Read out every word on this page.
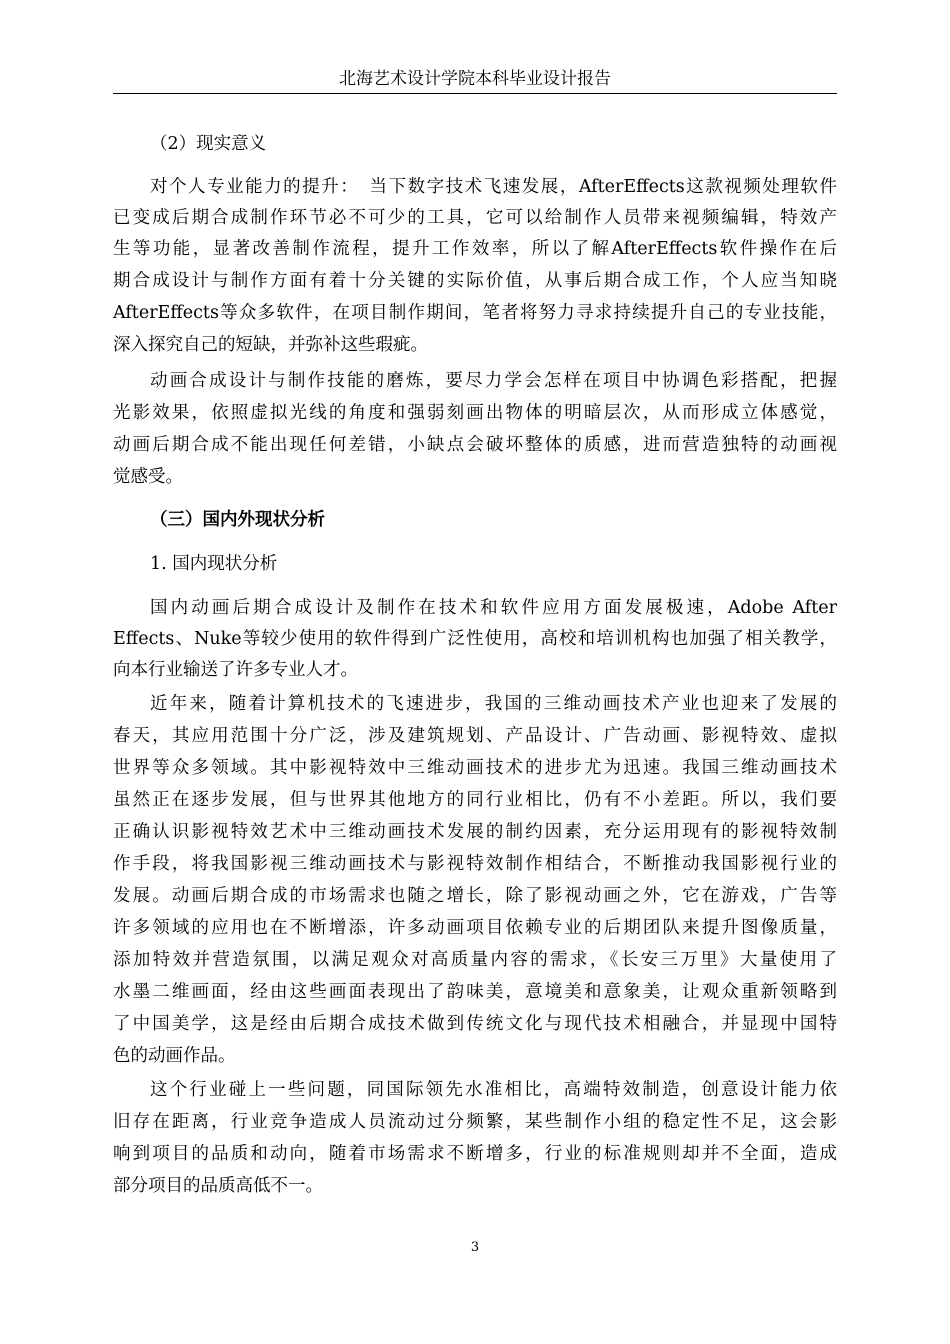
北海艺术设计学院本科毕业设计报告
（2）现实意义
对个人专业能力的提升：　当下数字技术飞速发展，AfterEffects这款视频处理软件
已变成后期合成制作环节必不可少的工具，它可以给制作人员带来视频编辑，特效产
生等功能，显著改善制作流程，提升工作效率，所以了解AfterEffects软件操作在后
期合成设计与制作方面有着十分关键的实际价值，从事后期合成工作，个人应当知晓
AfterEffects等众多软件，在项目制作期间，笔者将努力寻求持续提升自己的专业技能，
深入探究自己的短缺，并弥补这些瑕疵。
动画合成设计与制作技能的磨炼，要尽力学会怎样在项目中协调色彩搭配，把握
光影效果，依照虚拟光线的角度和强弱刻画出物体的明暗层次，从而形成立体感觉，
动画后期合成不能出现任何差错，小缺点会破坏整体的质感，进而营造独特的动画视
觉感受。
（三）国内外现状分析
1. 国内现状分析
国内动画后期合成设计及制作在技术和软件应用方面发展极速，Adobe After
Effects、Nuke等较少使用的软件得到广泛性使用，高校和培训机构也加强了相关教学，
向本行业输送了许多专业人才。
近年来，随着计算机技术的飞速进步，我国的三维动画技术产业也迎来了发展的
春天，其应用范围十分广泛，涉及建筑规划、产品设计、广告动画、影视特效、虚拟
世界等众多领域。其中影视特效中三维动画技术的进步尤为迅速。我国三维动画技术
虽然正在逐步发展，但与世界其他地方的同行业相比，仍有不小差距。所以，我们要
正确认识影视特效艺术中三维动画技术发展的制约因素，充分运用现有的影视特效制
作手段，将我国影视三维动画技术与影视特效制作相结合，不断推动我国影视行业的
发展。动画后期合成的市场需求也随之增长，除了影视动画之外，它在游戏，广告等
许多领域的应用也在不断增添，许多动画项目依赖专业的后期团队来提升图像质量，
添加特效并营造氛围，以满足观众对高质量内容的需求，《长安三万里》大量使用了
水墨二维画面，经由这些画面表现出了韵味美，意境美和意象美，让观众重新领略到
了中国美学，这是经由后期合成技术做到传统文化与现代技术相融合，并显现中国特
色的动画作品。
这个行业碰上一些问题，同国际领先水准相比，高端特效制造，创意设计能力依
旧存在距离，行业竞争造成人员流动过分频繁，某些制作小组的稳定性不足，这会影
响到项目的品质和动向，随着市场需求不断增多，行业的标准规则却并不全面，造成
部分项目的品质高低不一。
3
